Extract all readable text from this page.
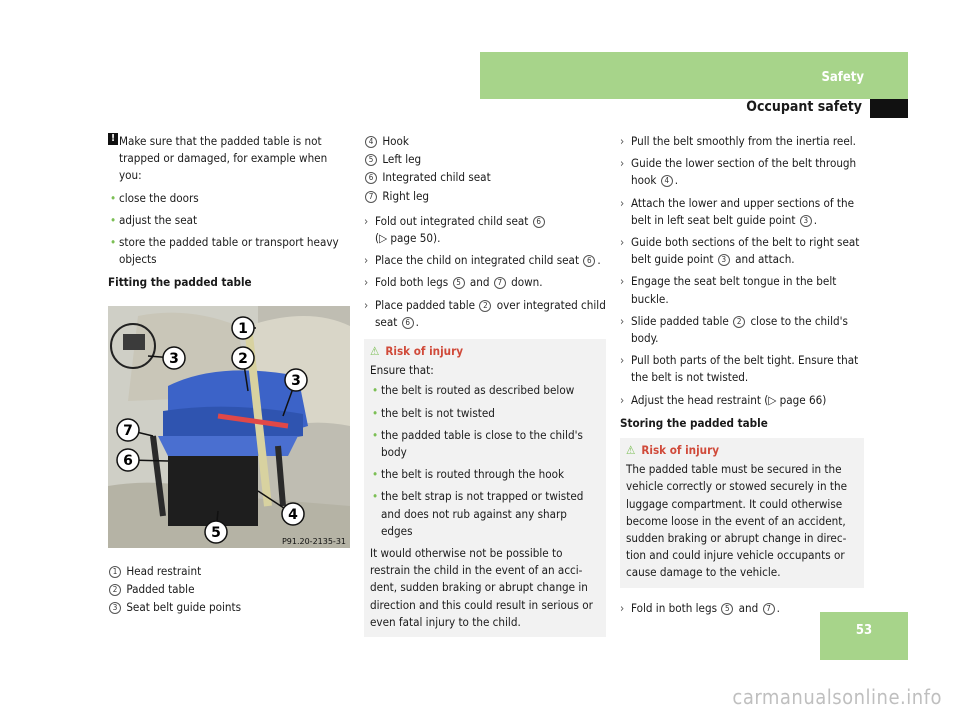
Safety
Occupant safety

! Make sure that the padded table is not trapped or damaged, for example when you:

• close the doors
• adjust the seat
• store the padded table or transport heavy objects
Fitting the padded table
1
2
3
3
4
5
6
7
P91.20-2135-31
1 Head restraint
2 Padded table
3 Seat belt guide points
4 Hook
5 Left leg
6 Integrated child seat
7 Right leg
› Fold out integrated child seat 6
(▷ page 50).
› Place the child on integrated child seat 6 .
› Fold both legs 5 and 7 down.
› Place padded table 2 over integrated child seat 6 .
⚠ Risk of injury
Ensure that:
• the belt is routed as described below
• the belt is not twisted
• the padded table is close to the child's body
• the belt is routed through the hook
• the belt strap is not trapped or twisted and does not rub against any sharp edges
It would otherwise not be possible to restrain the child in the event of an acci- dent, sudden braking or abrupt change in direction and this could result in serious or even fatal injury to the child.
› Pull the belt smoothly from the inertia reel.
› Guide the lower section of the belt through hook 4 .
› Attach the lower and upper sections of the belt in left seat belt guide point 3 .
› Guide both sections of the belt to right seat belt guide point 3 and attach.
› Engage the seat belt tongue in the belt buckle.
› Slide padded table 2 close to the child's body.
› Pull both parts of the belt tight. Ensure that the belt is not twisted.
› Adjust the head restraint (▷ page 66)
Storing the padded table
⚠ Risk of injury
The padded table must be secured in the vehicle correctly or stowed securely in the luggage compartment. It could otherwise become loose in the event of an accident, sudden braking or abrupt change in direc- tion and could injure vehicle occupants or cause damage to the vehicle.
› Fold in both legs 5 and 7 .
53
carmanualsonline.info
